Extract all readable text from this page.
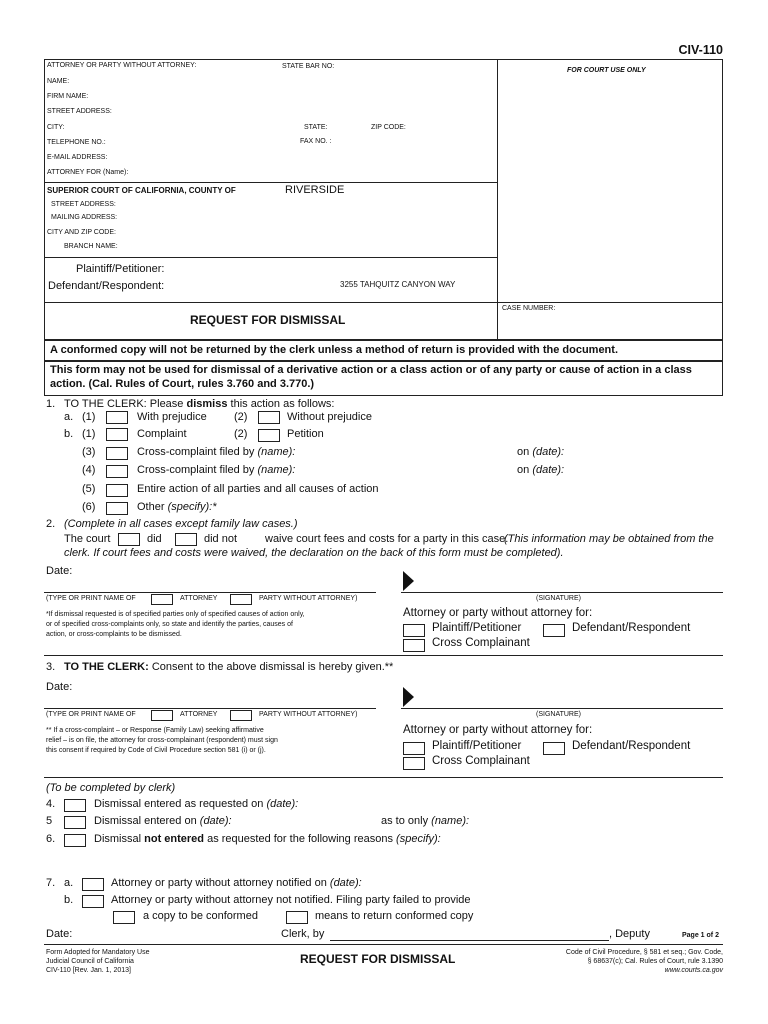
CIV-110
ATTORNEY OR PARTY WITHOUT ATTORNEY:	STATE BAR NO:
FOR COURT USE ONLY
NAME:
FIRM NAME:
STREET ADDRESS:
CITY:	STATE:	ZIP CODE:
TELEPHONE NO.:	FAX NO. :
E-MAIL ADDRESS:
ATTORNEY FOR (Name):
SUPERIOR COURT OF CALIFORNIA, COUNTY OF	RIVERSIDE
STREET ADDRESS:
MAILING ADDRESS:
CITY AND ZIP CODE:
BRANCH NAME:
Plaintiff/Petitioner:
Defendant/Respondent:	3255 TAHQUITZ CANYON WAY
REQUEST FOR DISMISSAL
CASE NUMBER:
A conformed copy will not be returned by the clerk unless a method of return is provided with the document.
This form may not be used for dismissal of a derivative action or a class action or of any party or cause of action in a class
action. (Cal. Rules of Court, rules 3.760 and 3.770.)
1. TO THE CLERK: Please dismiss this action as follows:
a. (1)	With prejudice (2)	Without prejudice
b. (1)	Complaint	(2)	Petition
(3)	Cross-complaint filed by (name):	on (date):
(4)	Cross-complaint filed by (name):	on (date):
(5)	Entire action of all parties and all causes of action
(6)	Other (specify):*
2. (Complete in all cases except family law cases.)
The court	did	did not	waive court fees and costs for a party in this case.
(This information may be obtained from the
clerk. If court fees and costs were waived, the declaration on the back of this form must be completed).
Date:
(TYPE OR PRINT NAME OF	ATTORNEY	PARTY WITHOUT ATTORNEY)	(SIGNATURE)
*If dismissal requested is of specified parties only of specified causes of action only,
or of specified cross-complaints only, so state and identify the parties, causes of
action, or cross-complaints to be dismissed.
Attorney or party without attorney for:
Plaintiff/Petitioner	Defendant/Respondent
Cross Complainant
3. TO THE CLERK: Consent to the above dismissal is hereby given.**
Date:
(TYPE OR PRINT NAME OF	ATTORNEY	PARTY WITHOUT ATTORNEY)	(SIGNATURE)
** If a cross-complaint – or Response (Family Law) seeking affirmative
relief – is on file, the attorney for cross-complainant (respondent) must sign
this consent if required by Code of Civil Procedure section 581 (i) or (j).
Attorney or party without attorney for:
Plaintiff/Petitioner	Defendant/Respondent
Cross Complainant
(To be completed by clerk)
4.	Dismissal entered as requested on (date):
5	Dismissal entered on (date):	as to only (name):
6.	Dismissal not entered as requested for the following reasons (specify):
7. a.	Attorney or party without attorney notified on (date):
b.	Attorney or party without attorney not notified. Filing party failed to provide
a copy to be conformed	means to return conformed copy
Date:	Clerk, by	, Deputy	Page 1 of 2
Form Adopted for Mandatory Use
Judicial Council of California
CIV-110 [Rev. Jan. 1, 2013]
REQUEST FOR DISMISSAL	Code of Civil Procedure, § 581 et seq.; Gov. Code,
§ 68637(c); Cal. Rules of Court, rule 3.1390
www.courts.ca.gov
